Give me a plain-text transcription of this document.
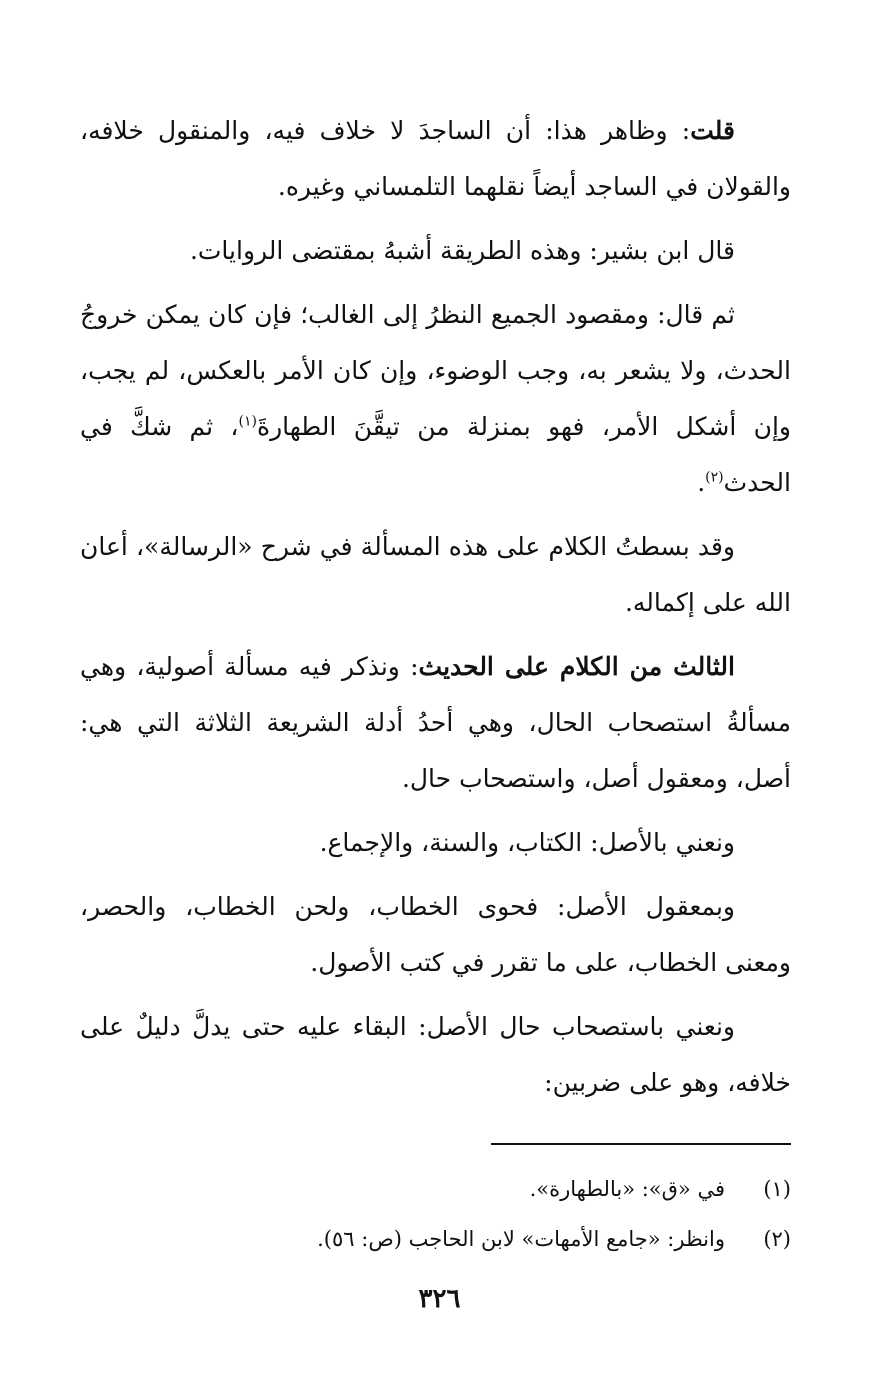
قلت: وظاهر هذا: أن الساجدَ لا خلاف فيه، والمنقول خلافه، والقولان في الساجد أيضاً نقلهما التلمساني وغيره.

قال ابن بشير: وهذه الطريقة أشبهُ بمقتضى الروايات.

ثم قال: ومقصود الجميع النظرُ إلى الغالب؛ فإن كان يمكن خروجُ الحدث، ولا يشعر به، وجب الوضوء، وإن كان الأمر بالعكس، لم يجب، وإن أشكل الأمر، فهو بمنزلة من تيقَّنَ الطهارةَ$^{(١)}$، ثم شكَّ في الحدث$^{(٢)}$.

وقد بسطتُ الكلام على هذه المسألة في شرح «الرسالة»، أعان الله على إكماله.

الثالث من الكلام على الحديث: ونذكر فيه مسألة أصولية، وهي مسألةُ استصحاب الحال، وهي أحدُ أدلة الشريعة الثلاثة التي هي: أصل، ومعقول أصل، واستصحاب حال.

ونعني بالأصل: الكتاب، والسنة، والإجماع.

وبمعقول الأصل: فحوى الخطاب، ولحن الخطاب، والحصر، ومعنى الخطاب، على ما تقرر في كتب الأصول.

ونعني باستصحاب حال الأصل: البقاء عليه حتى يدلَّ دليلٌ على خلافه، وهو على ضربين:

(١)في «ق»: «بالطهارة».
(٢)وانظر: «جامع الأمهات» لابن الحاجب (ص: ٥٦).
٣٢٦
